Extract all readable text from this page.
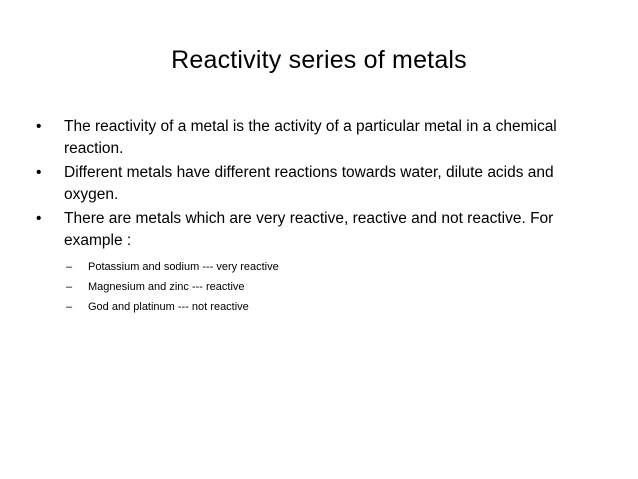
Reactivity series of metals
•	The reactivity of a metal is the activity of a particular metal in a chemical reaction.
•	Different metals have different reactions towards water, dilute acids and oxygen.
•	There are metals which are very reactive, reactive and not reactive. For example :
– Potassium and sodium --- very reactive
– Magnesium and zinc --- reactive
– God and platinum --- not reactive
